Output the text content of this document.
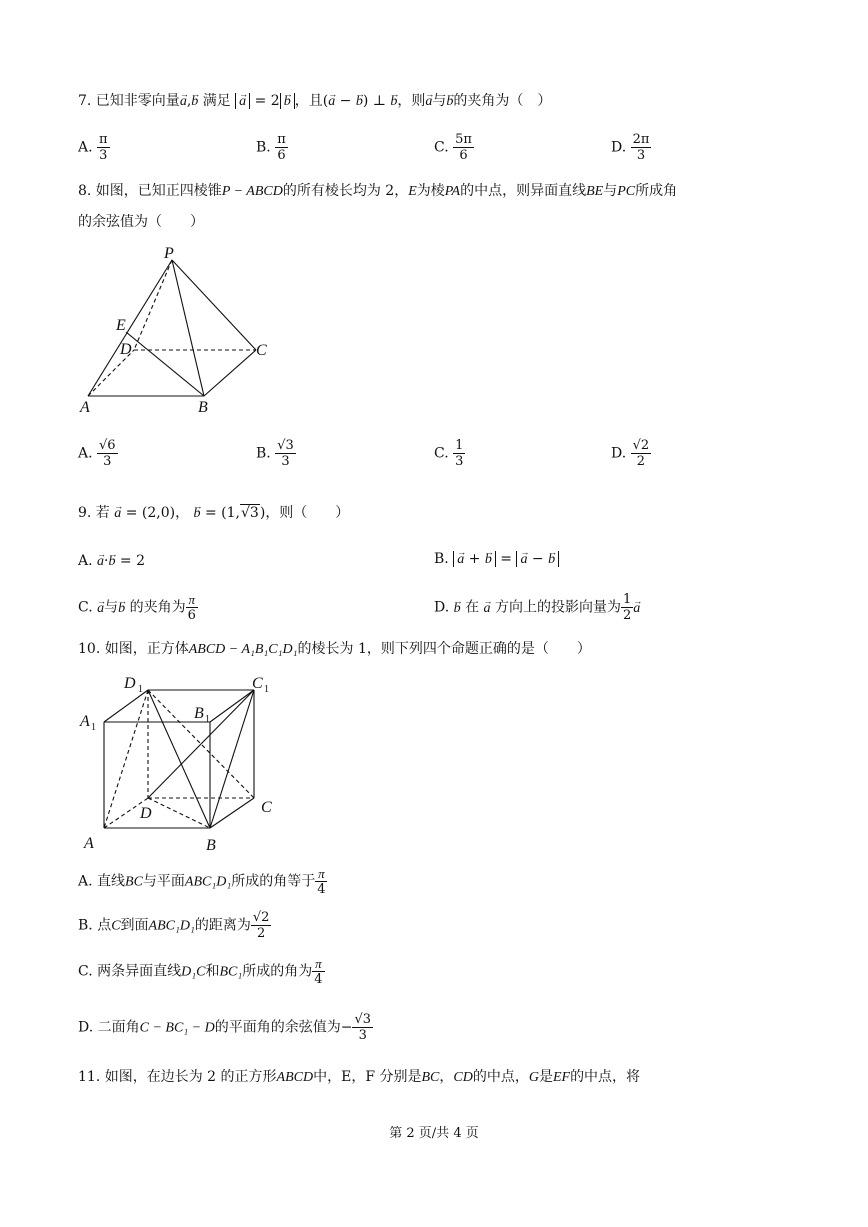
7. 已知非零向量→ a,→ b 满足 → a = 2→ b ，且(→ a − → b) ⊥ → b，则→ a与→ b的夹角为（　）
A. $\frac{\pi}{3}$	B. $\frac{\pi}{6}$	C. $\frac{5\pi}{6}$	D. $\frac{2\pi}{3}$
8. 如图，已知正四棱锥P − ABCD的所有棱长均为 2，E为棱PA的中点，则异面直线BE与PC所成角
的余弦值为（　　）
P
E
D	C
A	B
A. $\frac{√6}{3}$	B. $\frac{√3}{3}$	C. $\frac{1}{3}$	D. $\frac{√2}{2}$
9. 若 → a = (2,0)， → b = (1,√3)，则（　　）
A. → a·→ b = 2	B. → a + → b = → a − → b
C. → a与→ b 的夹角为 $\frac{\pi}{6}$	D. → b 在 → a 方向上的投影向量为 $\frac{1}{2}$
→ a
10. 如图，正方体ABCD − A₁B₁C₁D₁的棱长为 1，则下列四个命题正确的是（　　）
D 1	C 1
A 1
B 1
D	C
A	B
A. 直线BC与平面ABC₁D₁所成的角等于 $\frac{\pi}{4}$
B. 点C到面ABC₁D₁的距离为 $\frac{√2}{2}$
C. 两条异面直线D₁C和BC₁所成的角为 $\frac{\pi}{4}$
D. 二面角C − BC₁ − D的平面角的余弦值为− $\frac{√3}{3}$
11. 如图，在边长为 2 的正方形ABCD中，E，F 分别是BC，CD的中点，G是EF的中点，将
第 2 页/共 4 页
